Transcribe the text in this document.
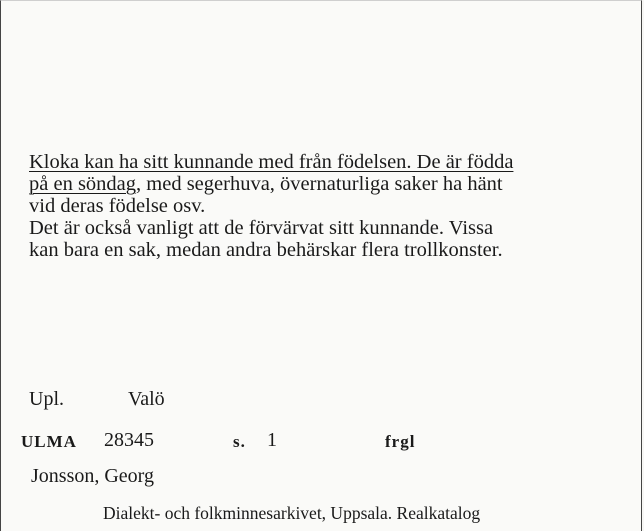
Kloka kan ha sitt kunnande med från födelsen. De är födda

på en söndag, med segerhuva, övernaturliga saker ha hänt

vid deras födelse osv.

Det är också vanligt att de förvärvat sitt kunnande. Vissa

kan bara en sak, medan andra behärskar flera trollkonster.

Upl.	Valö
ULMA 28345	s. 1	frgl
Jonsson, Georg
Dialekt- och folkminnesarkivet, Uppsala. Realkatalog
